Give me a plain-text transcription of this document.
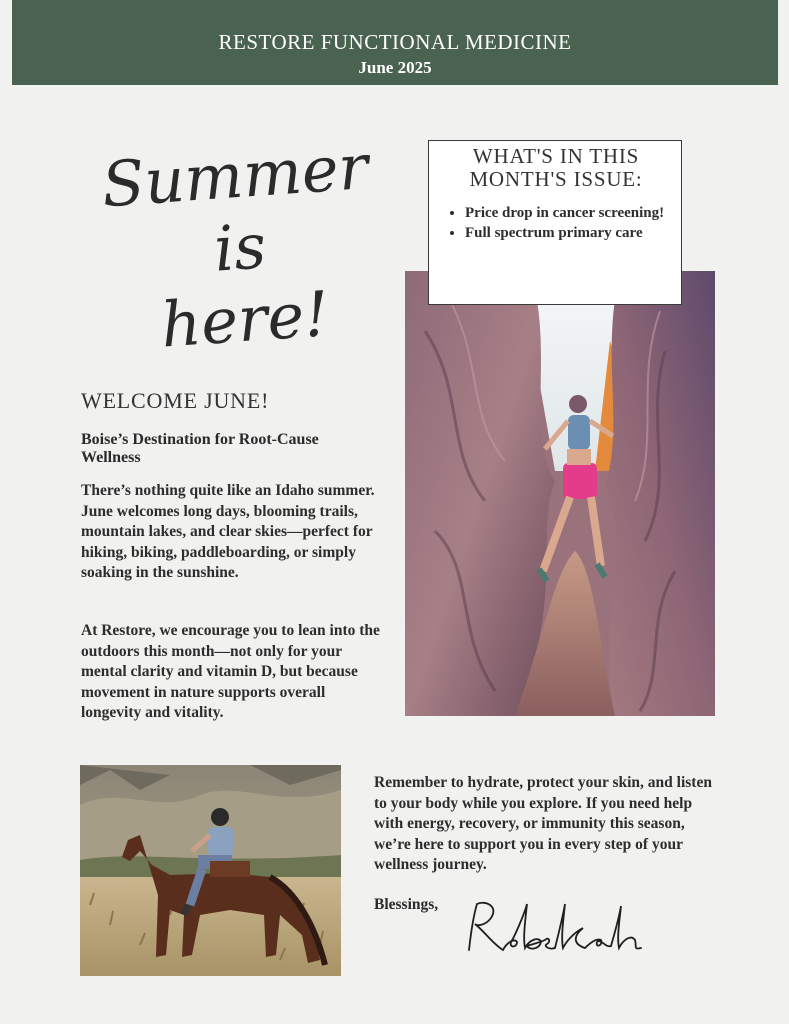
RESTORE FUNCTIONAL MEDICINE
June 2025
Summer is
here!
WHAT'S IN THIS MONTH'S ISSUE:
• Price drop in cancer screening!
• Full spectrum primary care
WELCOME JUNE!
Boise’s Destination for Root-Cause Wellness
There’s nothing quite like an Idaho summer. June welcomes long days, blooming trails, mountain lakes, and clear skies—perfect for hiking, biking, paddleboarding, or simply soaking in the sunshine.
At Restore, we encourage you to lean into the outdoors this month—not only for your mental clarity and vitamin D, but because movement in nature supports overall longevity and vitality.
Remember to hydrate, protect your skin, and listen to your body while you explore. If you need help with energy, recovery, or immunity this season, we’re here to support you in every step of your wellness journey.
Blessings,
